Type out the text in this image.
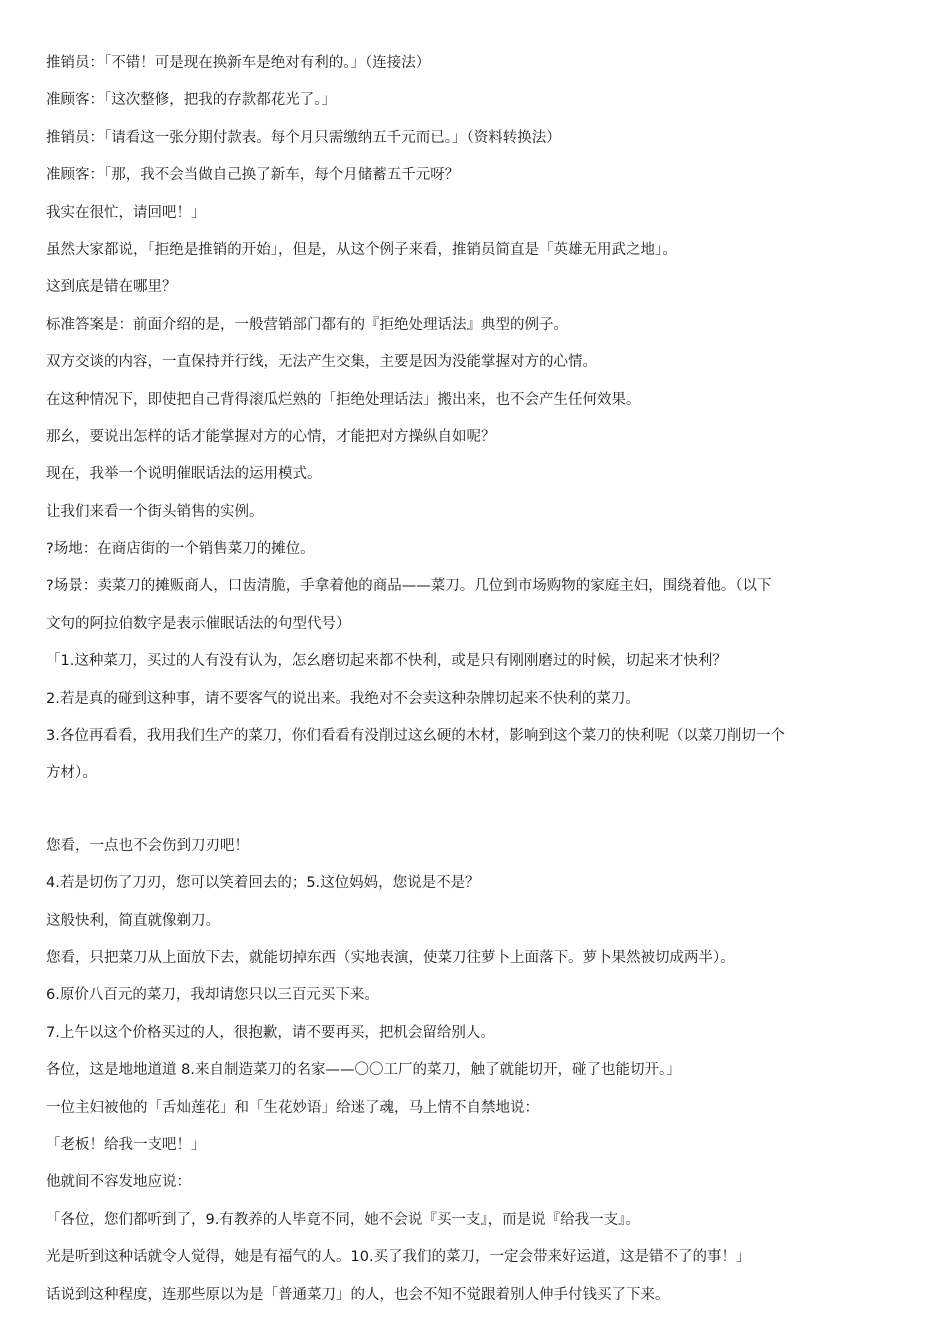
推销员：「不错！可是现在换新车是绝对有利的。」（连接法）
准顾客：「这次整修，把我的存款都花光了。」
推销员：「请看这一张分期付款表。每个月只需缴纳五千元而已。」（资料转换法）
准顾客：「那，我不会当做自己换了新车，每个月储蓄五千元呀？
我实在很忙，请回吧！」
虽然大家都说，「拒绝是推销的开始」，但是，从这个例子来看，推销员简直是「英雄无用武之地」。
这到底是错在哪里？
标准答案是：前面介绍的是，一般营销部门都有的『拒绝处理话法』典型的例子。
双方交谈的内容，一直保持并行线，无法产生交集，主要是因为没能掌握对方的心情。
在这种情况下，即使把自己背得滚瓜烂熟的「拒绝处理话法」搬出来，也不会产生任何效果。
那幺，要说出怎样的话才能掌握对方的心情，才能把对方操纵自如呢？
现在，我举一个说明催眠话法的运用模式。
让我们来看一个街头销售的实例。
?场地：在商店街的一个销售菜刀的摊位。
?场景：卖菜刀的摊贩商人，口齿清脆，手拿着他的商品——菜刀。几位到市场购物的家庭主妇，围绕着他。（以下
文句的阿拉伯数字是表示催眠话法的句型代号）
「1.这种菜刀，买过的人有没有认为，怎幺磨切起来都不快利，或是只有刚刚磨过的时候，切起来才快利？
2.若是真的碰到这种事，请不要客气的说出来。我绝对不会卖这种杂牌切起来不快利的菜刀。
3.各位再看看，我用我们生产的菜刀，你们看看有没削过这幺硬的木材，影响到这个菜刀的快利呢（以菜刀削切一个
方材）。
您看，一点也不会伤到刀刃吧！
4.若是切伤了刀刃，您可以笑着回去的；5.这位妈妈，您说是不是？
这般快利，简直就像剃刀。
您看，只把菜刀从上面放下去，就能切掉东西（实地表演，使菜刀往萝卜上面落下。萝卜果然被切成两半）。
6.原价八百元的菜刀，我却请您只以三百元买下来。
7.上午以这个价格买过的人，很抱歉，请不要再买，把机会留给别人。
各位，这是地地道道 8.来自制造菜刀的名家——〇〇工厂的菜刀，触了就能切开，碰了也能切开。」
一位主妇被他的「舌灿莲花」和「生花妙语」给迷了魂，马上情不自禁地说：
「老板！给我一支吧！」
他就间不容发地应说：
「各位，您们都听到了，9.有教养的人毕竟不同，她不会说『买一支』，而是说『给我一支』。
光是听到这种话就令人觉得，她是有福气的人。10.买了我们的菜刀，一定会带来好运道，这是错不了的事！」
话说到这种程度，连那些原以为是「普通菜刀」的人，也会不知不觉跟着别人伸手付钱买了下来。
